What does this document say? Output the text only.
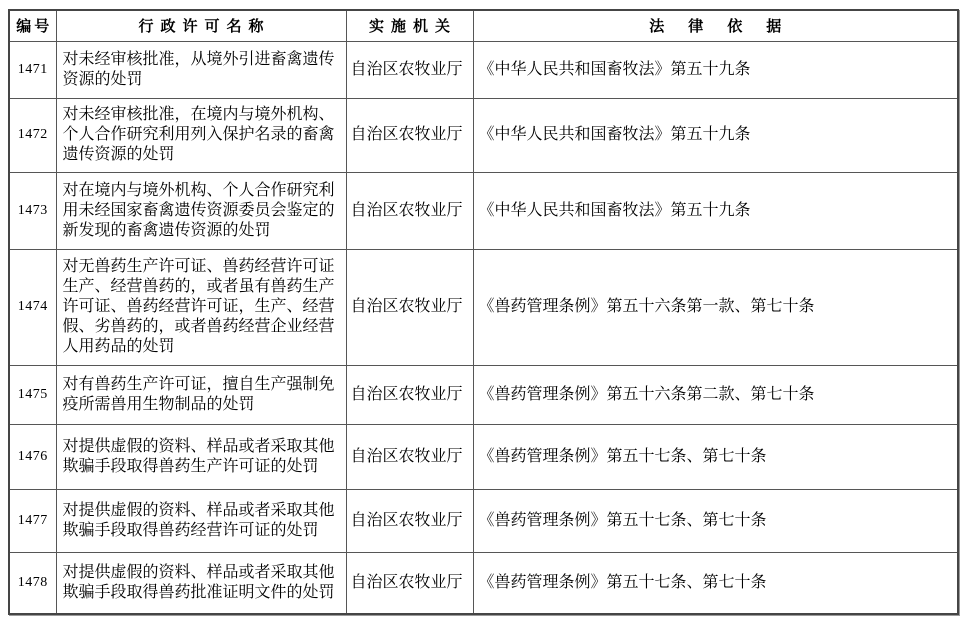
编号	行政许可名称	实施机关	法律依据
1471	对未经审核批准，从境外引进畜禽遗传资源的处罚	自治区农牧业厅	《中华人民共和国畜牧法》第五十九条
1472	对未经审核批准，在境内与境外机构、个人合作研究利用列入保护名录的畜禽遗传资源的处罚	自治区农牧业厅	《中华人民共和国畜牧法》第五十九条
1473	对在境内与境外机构、个人合作研究利用未经国家畜禽遗传资源委员会鉴定的新发现的畜禽遗传资源的处罚	自治区农牧业厅	《中华人民共和国畜牧法》第五十九条
1474	对无兽药生产许可证、兽药经营许可证生产、经营兽药的，或者虽有兽药生产许可证、兽药经营许可证，生产、经营假、劣兽药的，或者兽药经营企业经营人用药品的处罚	自治区农牧业厅	《兽药管理条例》第五十六条第一款、第七十条
1475	对有兽药生产许可证，擅自生产强制免疫所需兽用生物制品的处罚	自治区农牧业厅	《兽药管理条例》第五十六条第二款、第七十条
1476	对提供虚假的资料、样品或者采取其他欺骗手段取得兽药生产许可证的处罚	自治区农牧业厅	《兽药管理条例》第五十七条、第七十条
1477	对提供虚假的资料、样品或者采取其他欺骗手段取得兽药经营许可证的处罚	自治区农牧业厅	《兽药管理条例》第五十七条、第七十条
1478	对提供虚假的资料、样品或者采取其他欺骗手段取得兽药批准证明文件的处罚	自治区农牧业厅	《兽药管理条例》第五十七条、第七十条
